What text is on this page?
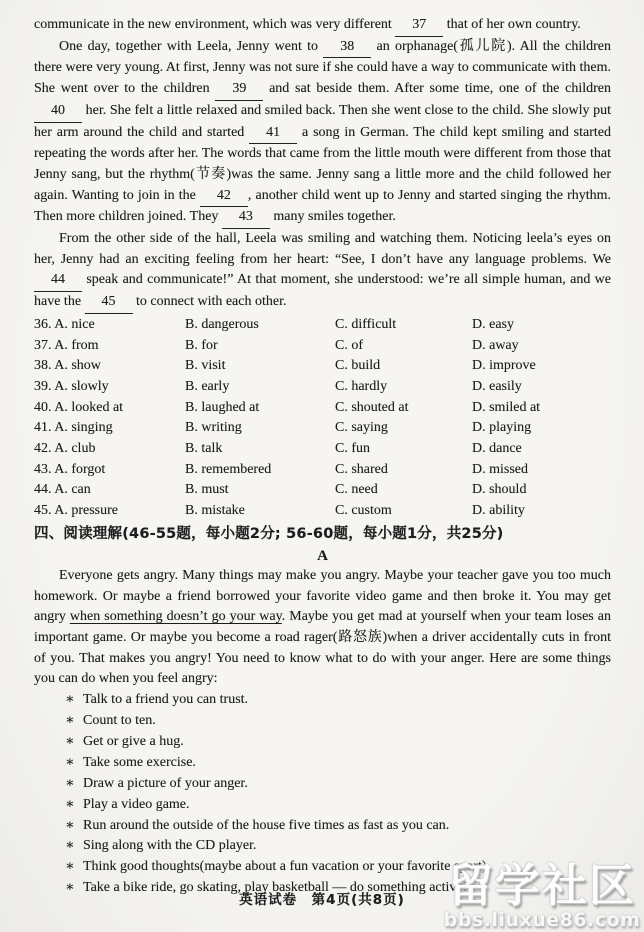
communicate in the new environment, which was very different 37 that of her own country.

One day, together with Leela, Jenny went to 38 an orphanage(孤儿院). All the children there were very young. At first, Jenny was not sure if she could have a way to communicate with them. She went over to the children 39 and sat beside them. After some time, one of the children 40 her. She felt a little relaxed and smiled back. Then she went close to the child. She slowly put her arm around the child and started 41 a song in German. The child kept smiling and started repeating the words after her. The words that came from the little mouth were different from those that Jenny sang, but the rhythm(节奏)was the same. Jenny sang a little more and the child followed her again. Wanting to join in the 42 , another child went up to Jenny and started singing the rhythm. Then more children joined. They 43 many smiles together.

From the other side of the hall, Leela was smiling and watching them. Noticing leela’s eyes on her, Jenny had an exciting feeling from her heart: “See, I don’t have any language problems. We 44 speak and communicate!” At that moment, she understood: we’re all simple human, and we have the 45 to connect with each other.

36. A. nice	B. dangerous	C. difficult	D. easy
37. A. from	B. for	C. of	D. away
38. A. show	B. visit	C. build	D. improve
39. A. slowly	B. early	C. hardly	D. easily
40. A. looked at	B. laughed at	C. shouted at	D. smiled at
41. A. singing	B. writing	C. saying	D. playing
42. A. club	B. talk	C. fun	D. dance
43. A. forgot	B. remembered	C. shared	D. missed
44. A. can	B. must	C. need	D. should
45. A. pressure	B. mistake	C. custom	D. ability
四、阅读理解(46-55题，每小题2分; 56-60题，每小题1分，共25分)
A

Everyone gets angry. Many things may make you angry. Maybe your teacher gave you too much homework. Or maybe a friend borrowed your favorite video game and then broke it. You may get angry when something doesn’t go your way. Maybe you get mad at yourself when your team loses an important game. Or maybe you become a road rager(路怒族)when a driver accidentally cuts in front of you. That makes you angry! You need to know what to do with your anger. Here are some things you can do when you feel angry:

∗ Talk to a friend you can trust.
∗ Count to ten.
∗ Get or give a hug.
∗ Take some exercise.
∗ Draw a picture of your anger.
∗ Play a video game.
∗ Run around the outside of the house five times as fast as you can.
∗ Sing along with the CD player.
∗ Think good thoughts(maybe about a fun vacation or your favorite sport).
∗ Take a bike ride, go skating, play basketball — do something active!
英语试卷　第4页(共8页) 留学社区
bbs.liuxue86.com
